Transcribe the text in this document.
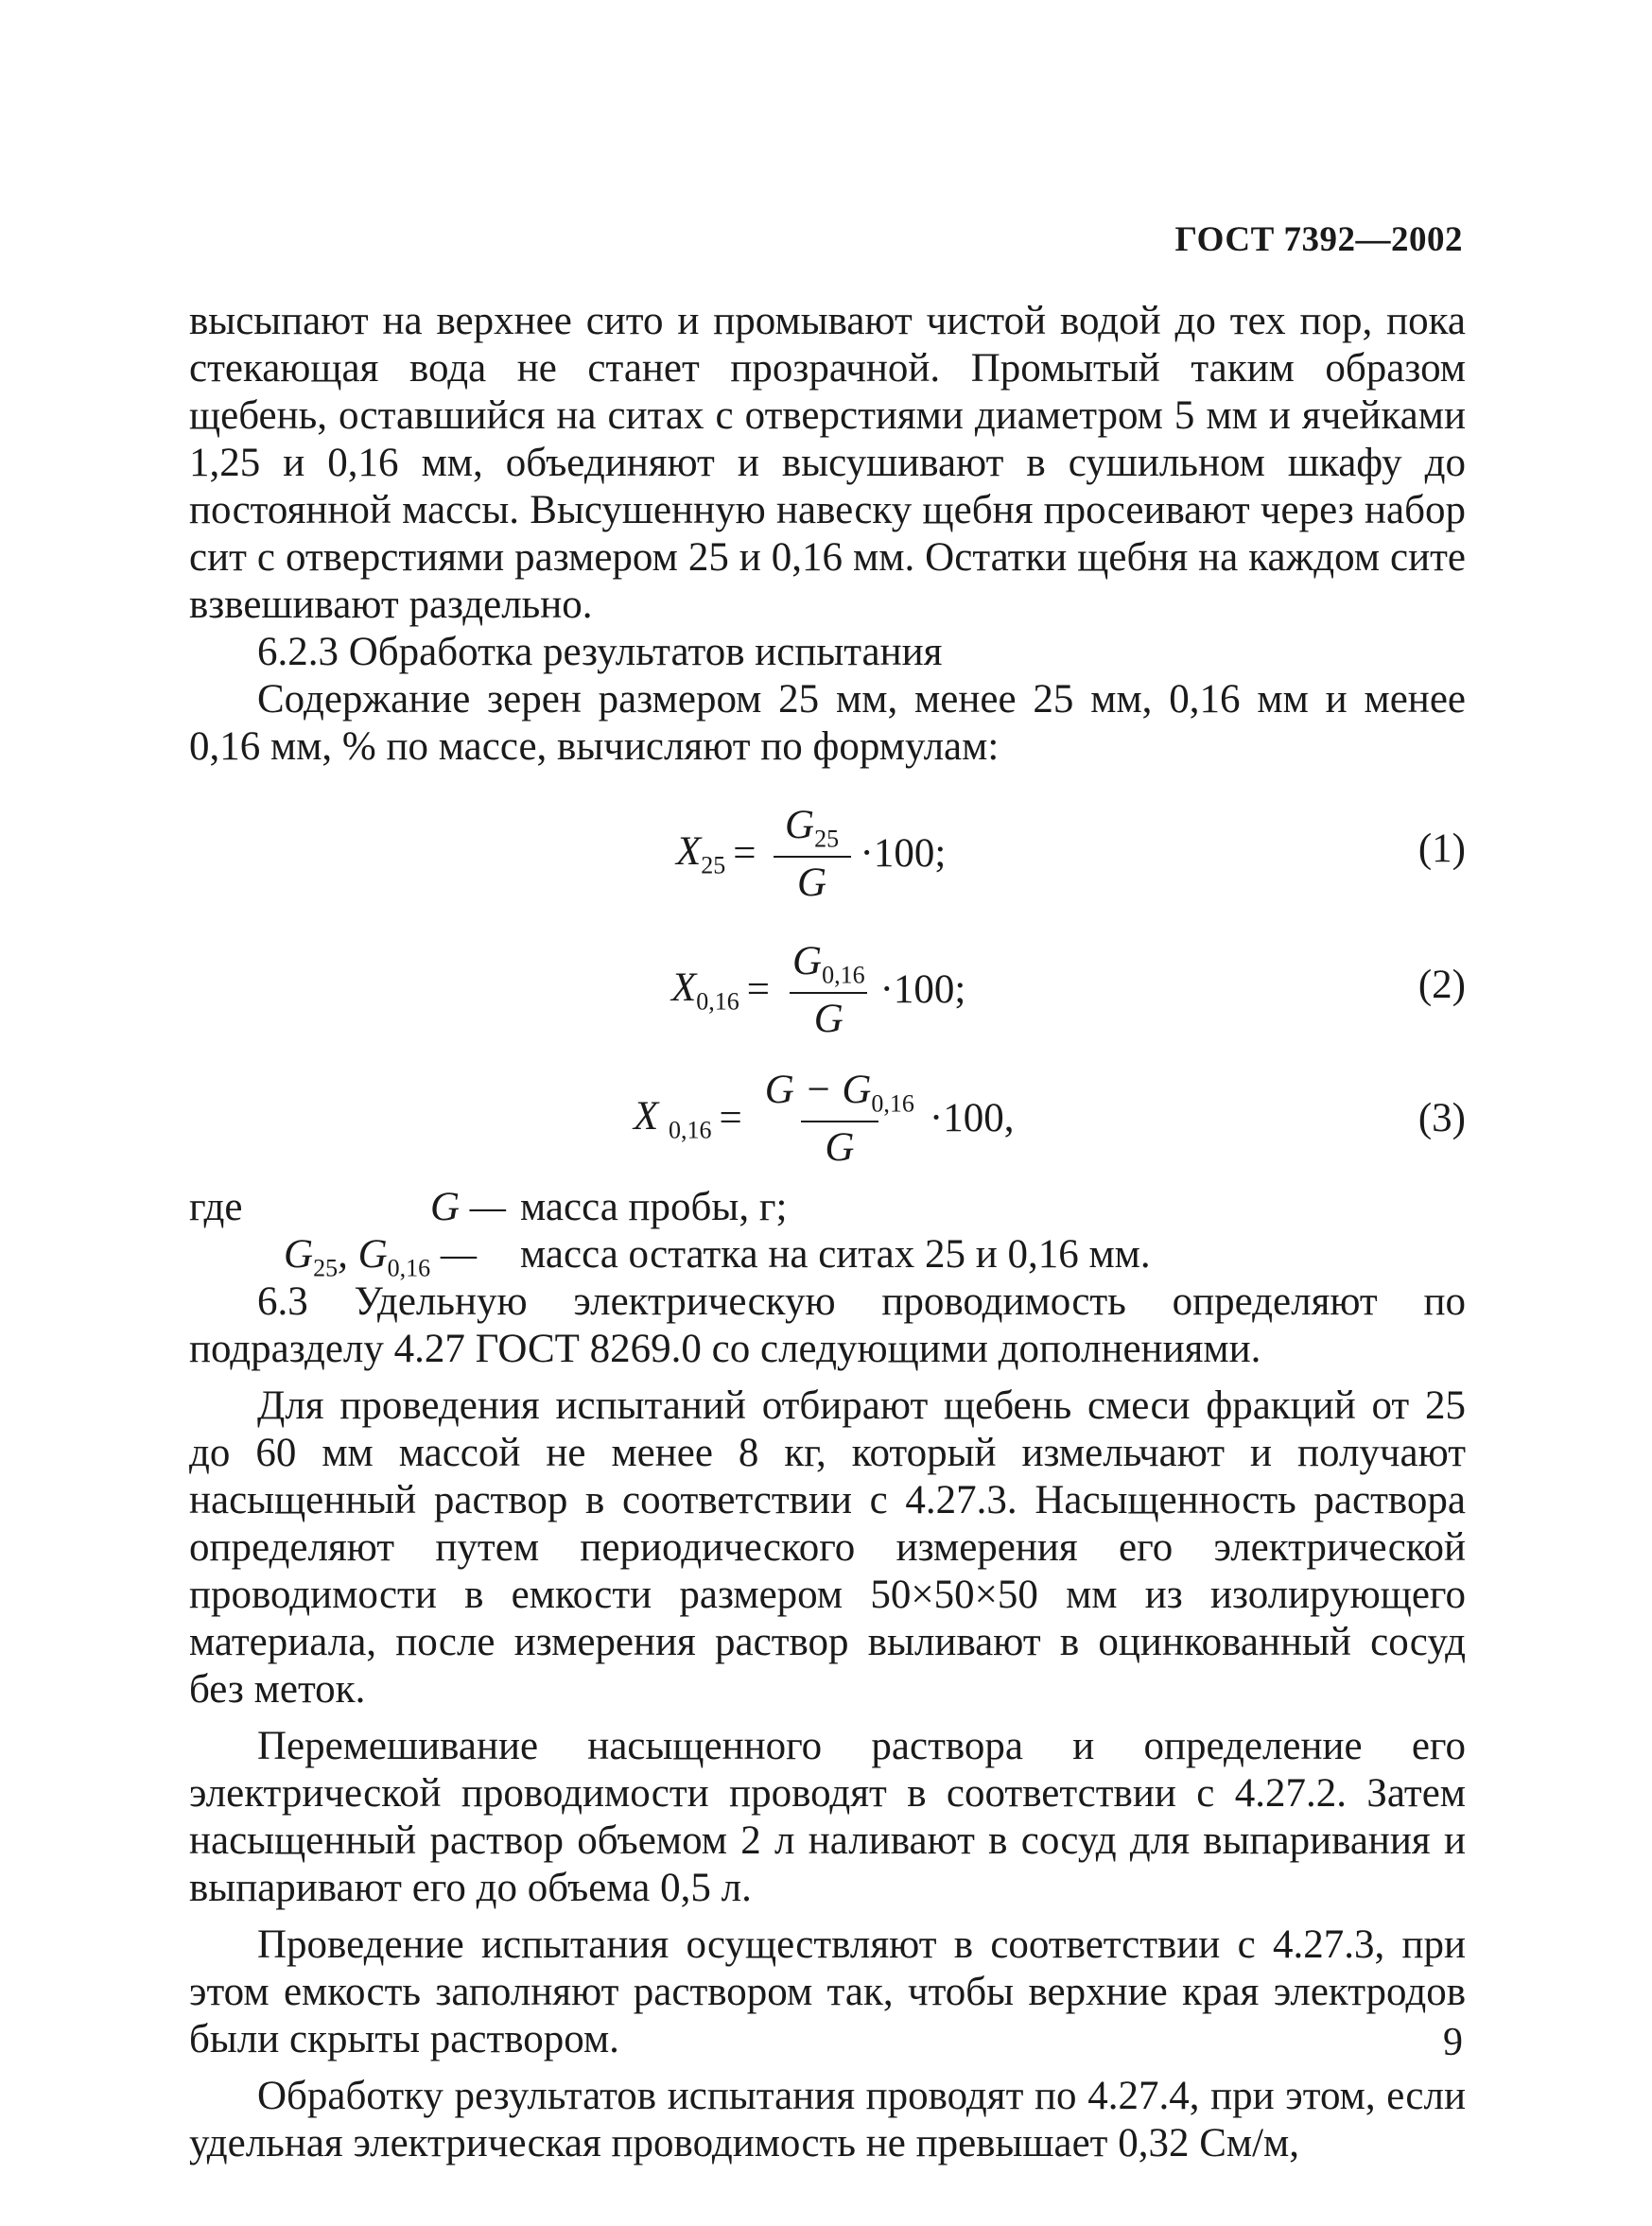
ГОСТ 7392—2002

высыпают на верхнее сито и промывают чистой водой до тех пор, пока стекающая вода не станет прозрачной. Промытый таким образом щебень, оставшийся на ситах с отверстиями диаметром 5 мм и ячейками 1,25 и 0,16 мм, объединяют и высушивают в сушильном шкафу до постоянной массы. Высушенную навеску щебня просеивают через набор сит с отверстиями размером 25 и 0,16 мм. Остатки щебня на каждом сите взвешивают раздельно.

6.2.3 Обработка результатов испытания

Содержание зерен размером 25 мм, менее 25 мм, 0,16 мм и менее 0,16 мм, % по массе, вычисляют по формулам:

$X_{25} = \frac{G_{25}}{G} \cdot 100$;	(1)
$X_{0,16} = \frac{G_{0,16}}{G} \cdot 100$;	(2)
X $_{0,16} = \frac{G - G_{0,16}}{G} \cdot 100$,	(3)
где	G — масса пробы, г;
$G_{25}$, $G_{0,16}$ — масса остатка на ситах 25 и 0,16 мм.

6.3 Удельную электрическую проводимость определяют по подразделу 4.27 ГОСТ 8269.0 со следующими дополнениями.

Для проведения испытаний отбирают щебень смеси фракций от 25 до 60 мм массой не менее 8 кг, который измельчают и получают насыщенный раствор в соответствии с 4.27.3. Насыщенность раствора определяют путем периодического измерения его электрической проводимости в емкости размером 50×50×50 мм из изолирующего материала, после измерения раствор выливают в оцинкованный сосуд без меток.

Перемешивание насыщенного раствора и определение его электрической проводимости проводят в соответствии с 4.27.2. Затем насыщенный раствор объемом 2 л наливают в сосуд для выпаривания и выпаривают его до объема 0,5 л.

Проведение испытания осуществляют в соответствии с 4.27.3, при этом емкость заполняют раствором так, чтобы верхние края электродов были скрыты раствором.

Обработку результатов испытания проводят по 4.27.4, при этом, если удельная электрическая проводимость не превышает 0,32 См/м,

9
